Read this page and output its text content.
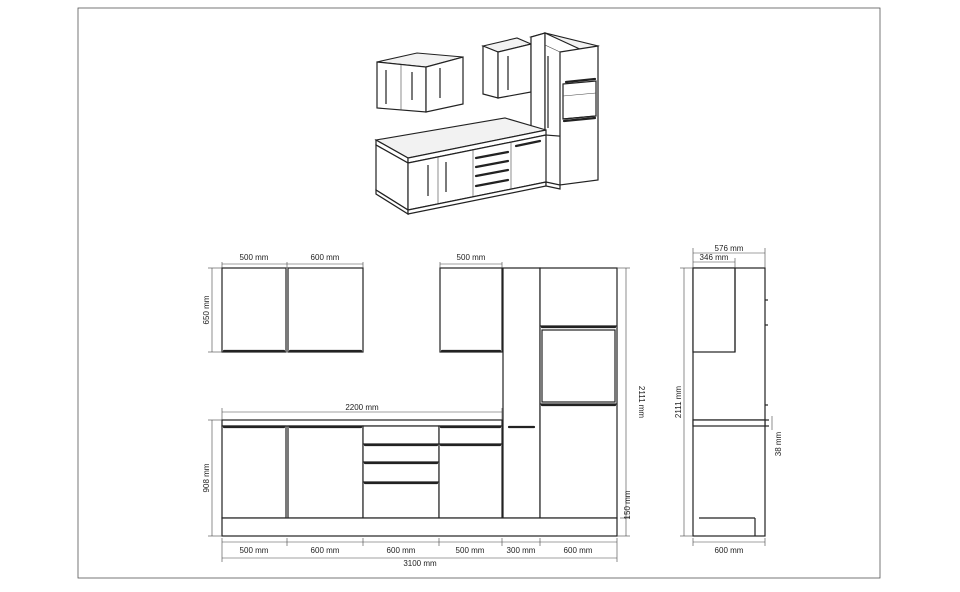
500 mm	600 mm	500 mm
650 mm
2200 mm
908 mm
2111 mm
150 mm
500 mm	600 mm	600 mm	500 mm	300 mm	600 mm
3100 mm
576 mm
346 mm
2111 mm
38 mm
600 mm
